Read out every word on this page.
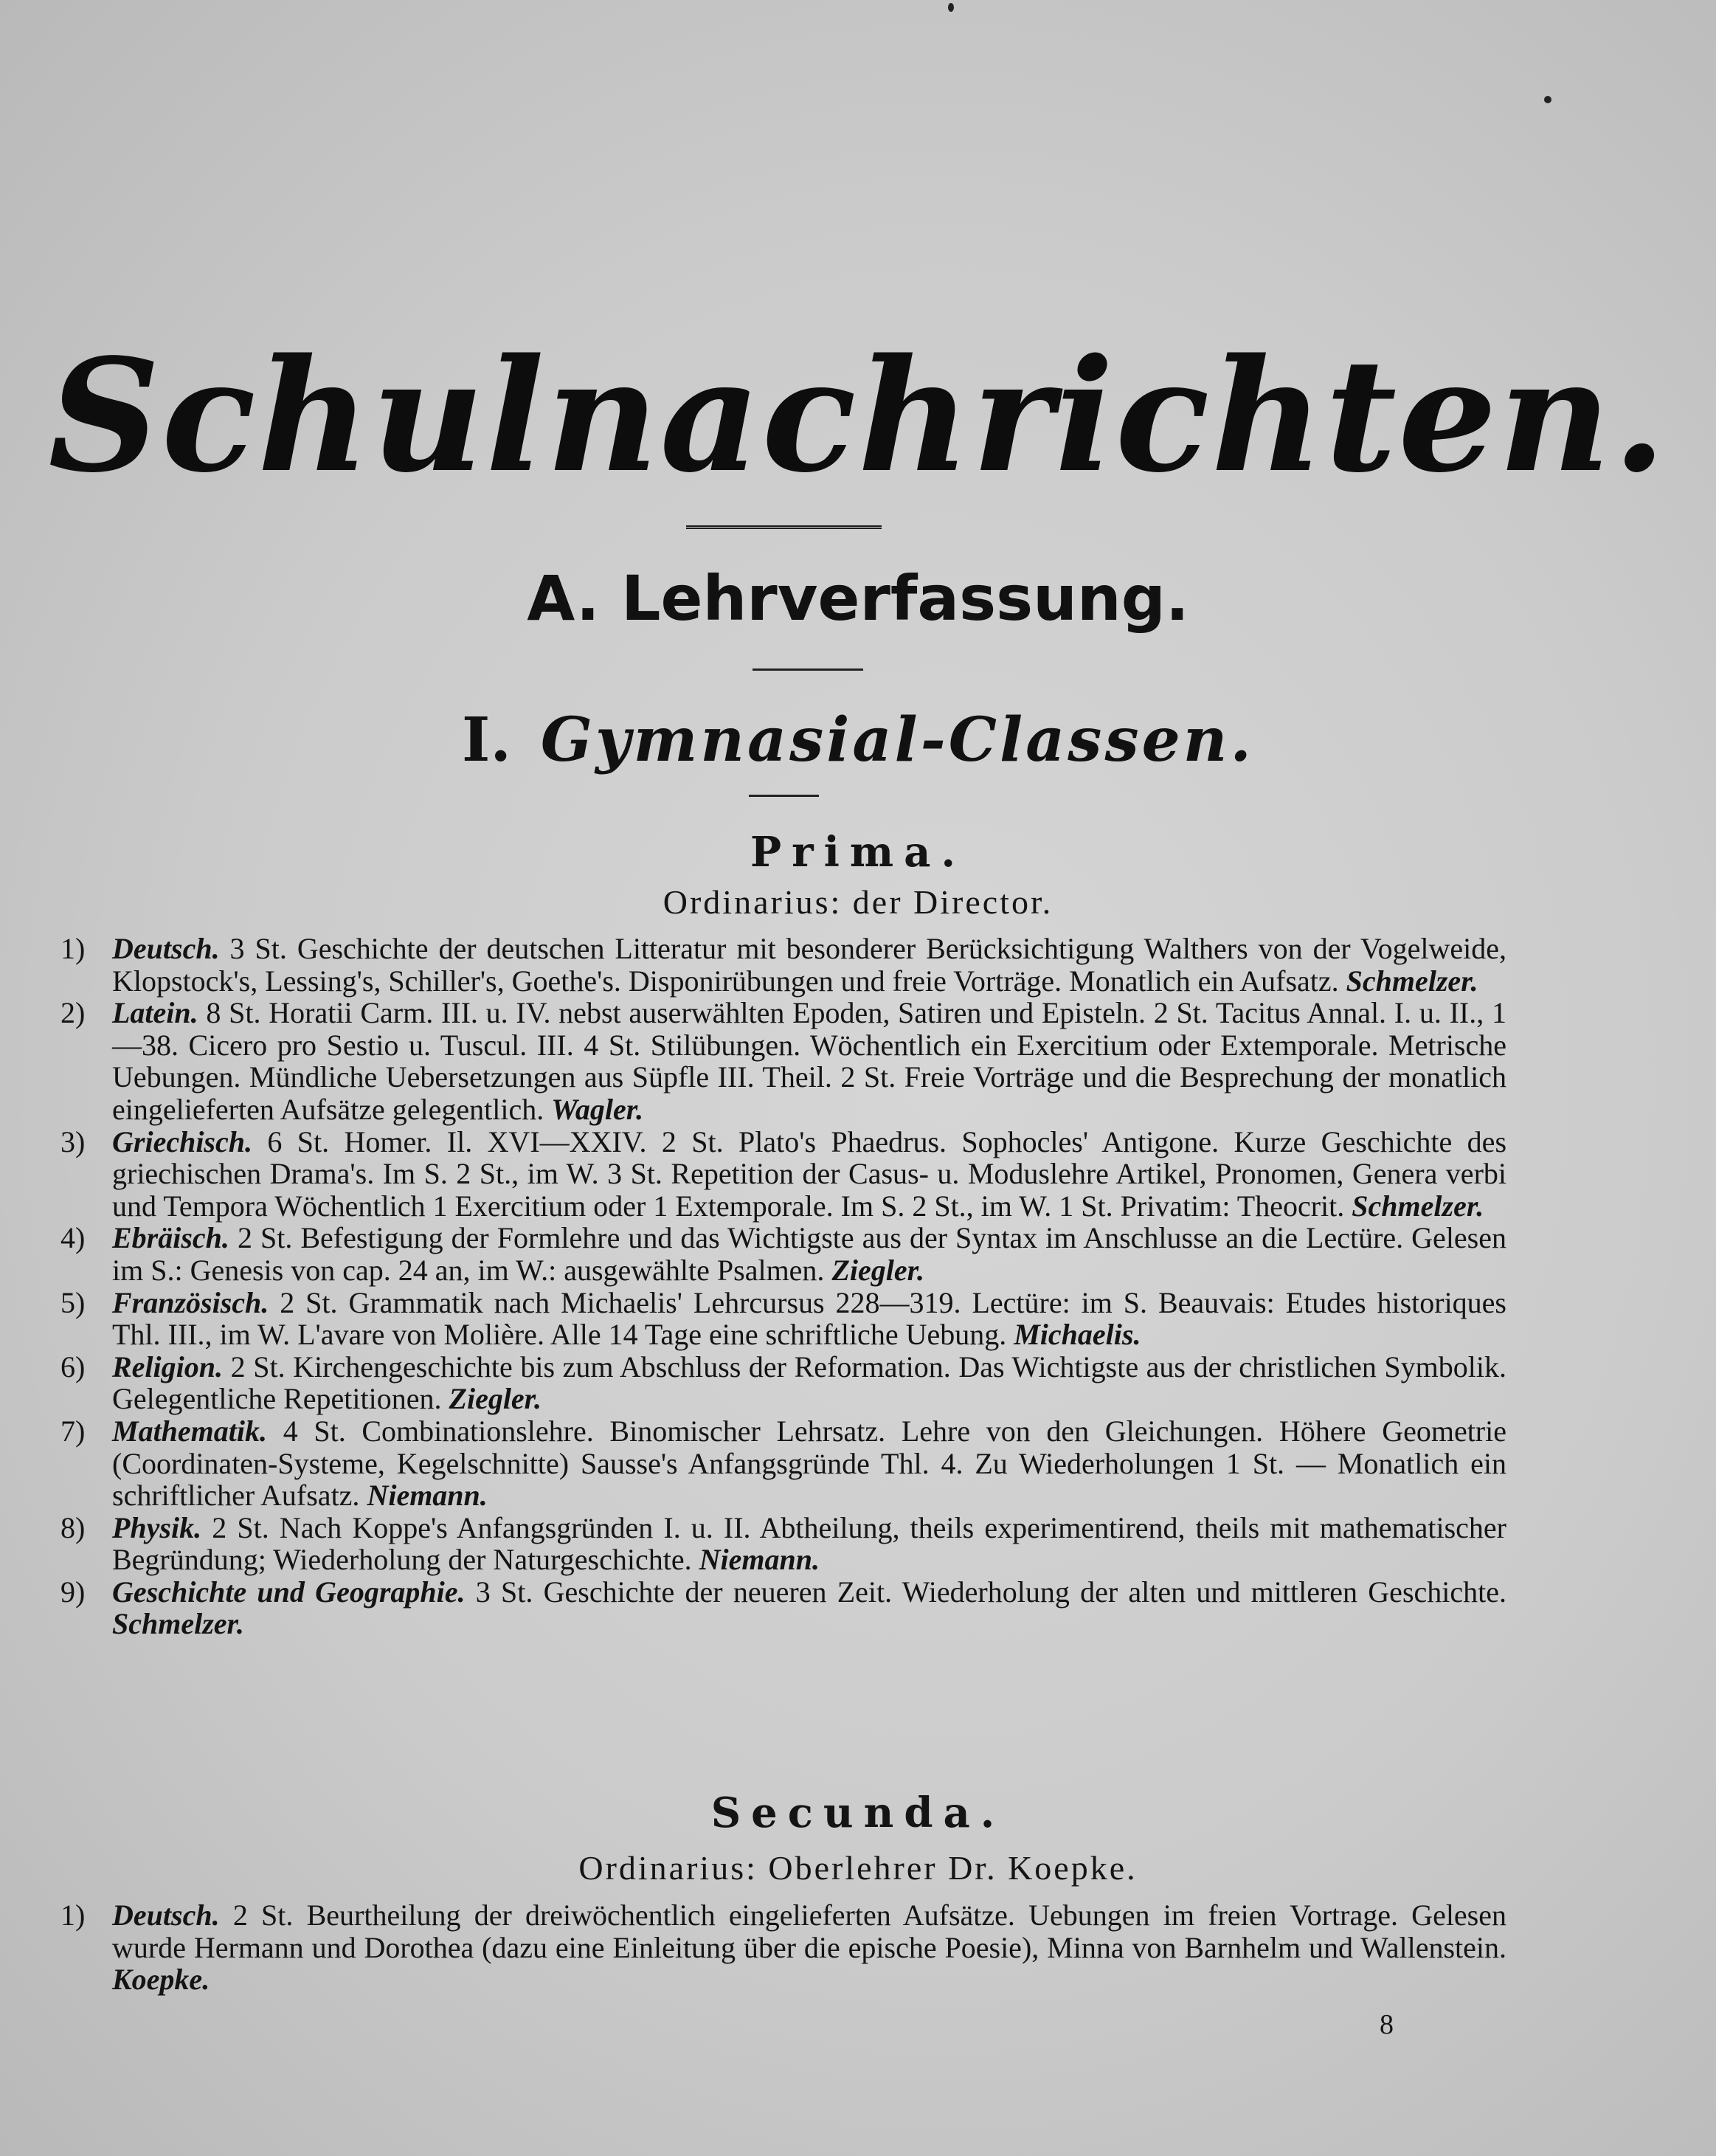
Schulnachrichten.
A. Lehrverfassung.
I. Gymnasial-Classen.
Prima.
Ordinarius: der Director.
1) Deutsch. 3 St. Geschichte der deutschen Litteratur mit besonderer Berücksichtigung Walthers von der Vogelweide, Klopstock's, Lessing's, Schiller's, Goethe's. Disponirübungen und freie Vorträge. Monatlich ein Aufsatz. Schmelzer.
2) Latein. 8 St. Horatii Carm. III. u. IV. nebst auserwählten Epoden, Satiren und Episteln. 2 St. Tacitus Annal. I. u. II., 1—38. Cicero pro Sestio u. Tuscul. III. 4 St. Stilübungen. Wöchentlich ein Exercitium oder Extemporale. Metrische Uebungen. Mündliche Uebersetzungen aus Süpfle III. Theil. 2 St. Freie Vorträge und die Besprechung der monatlich eingelieferten Aufsätze gelegentlich. Wagler.
3) Griechisch. 6 St. Homer. Il. XVI—XXIV. 2 St. Plato's Phaedrus. Sophocles' Antigone. Kurze Geschichte des griechischen Drama's. Im S. 2 St., im W. 3 St. Repetition der Casus- u. Moduslehre Artikel, Pronomen, Genera verbi und Tempora Wöchentlich 1 Exercitium oder 1 Extemporale. Im S. 2 St., im W. 1 St. Privatim: Theocrit. Schmelzer.
4) Ebräisch. 2 St. Befestigung der Formlehre und das Wichtigste aus der Syntax im Anschlusse an die Lectüre. Gelesen im S.: Genesis von cap. 24 an, im W.: ausgewählte Psalmen. Ziegler.
5) Französisch. 2 St. Grammatik nach Michaelis' Lehrcursus 228—319. Lectüre: im S. Beauvais: Etudes historiques Thl. III., im W. L'avare von Molière. Alle 14 Tage eine schriftliche Uebung. Michaelis.
6) Religion. 2 St. Kirchengeschichte bis zum Abschluss der Reformation. Das Wichtigste aus der christlichen Symbolik. Gelegentliche Repetitionen. Ziegler.
7) Mathematik. 4 St. Combinationslehre. Binomischer Lehrsatz. Lehre von den Gleichungen. Höhere Geometrie (Coordinaten-Systeme, Kegelschnitte) Sausse's Anfangsgründe Thl. 4. Zu Wiederholungen 1 St. — Monatlich ein schriftlicher Aufsatz. Niemann.
8) Physik. 2 St. Nach Koppe's Anfangsgründen I. u. II. Abtheilung, theils experimentirend, theils mit mathematischer Begründung; Wiederholung der Naturgeschichte. Niemann.
9) Geschichte und Geographie. 3 St. Geschichte der neueren Zeit. Wiederholung der alten und mittleren Geschichte. Schmelzer.
Secunda.
Ordinarius: Oberlehrer Dr. Koepke.
1) Deutsch. 2 St. Beurtheilung der dreiwöchentlich eingelieferten Aufsätze. Uebungen im freien Vortrage. Gelesen wurde Hermann und Dorothea (dazu eine Einleitung über die epische Poesie), Minna von Barnhelm und Wallenstein. Koepke.
8
